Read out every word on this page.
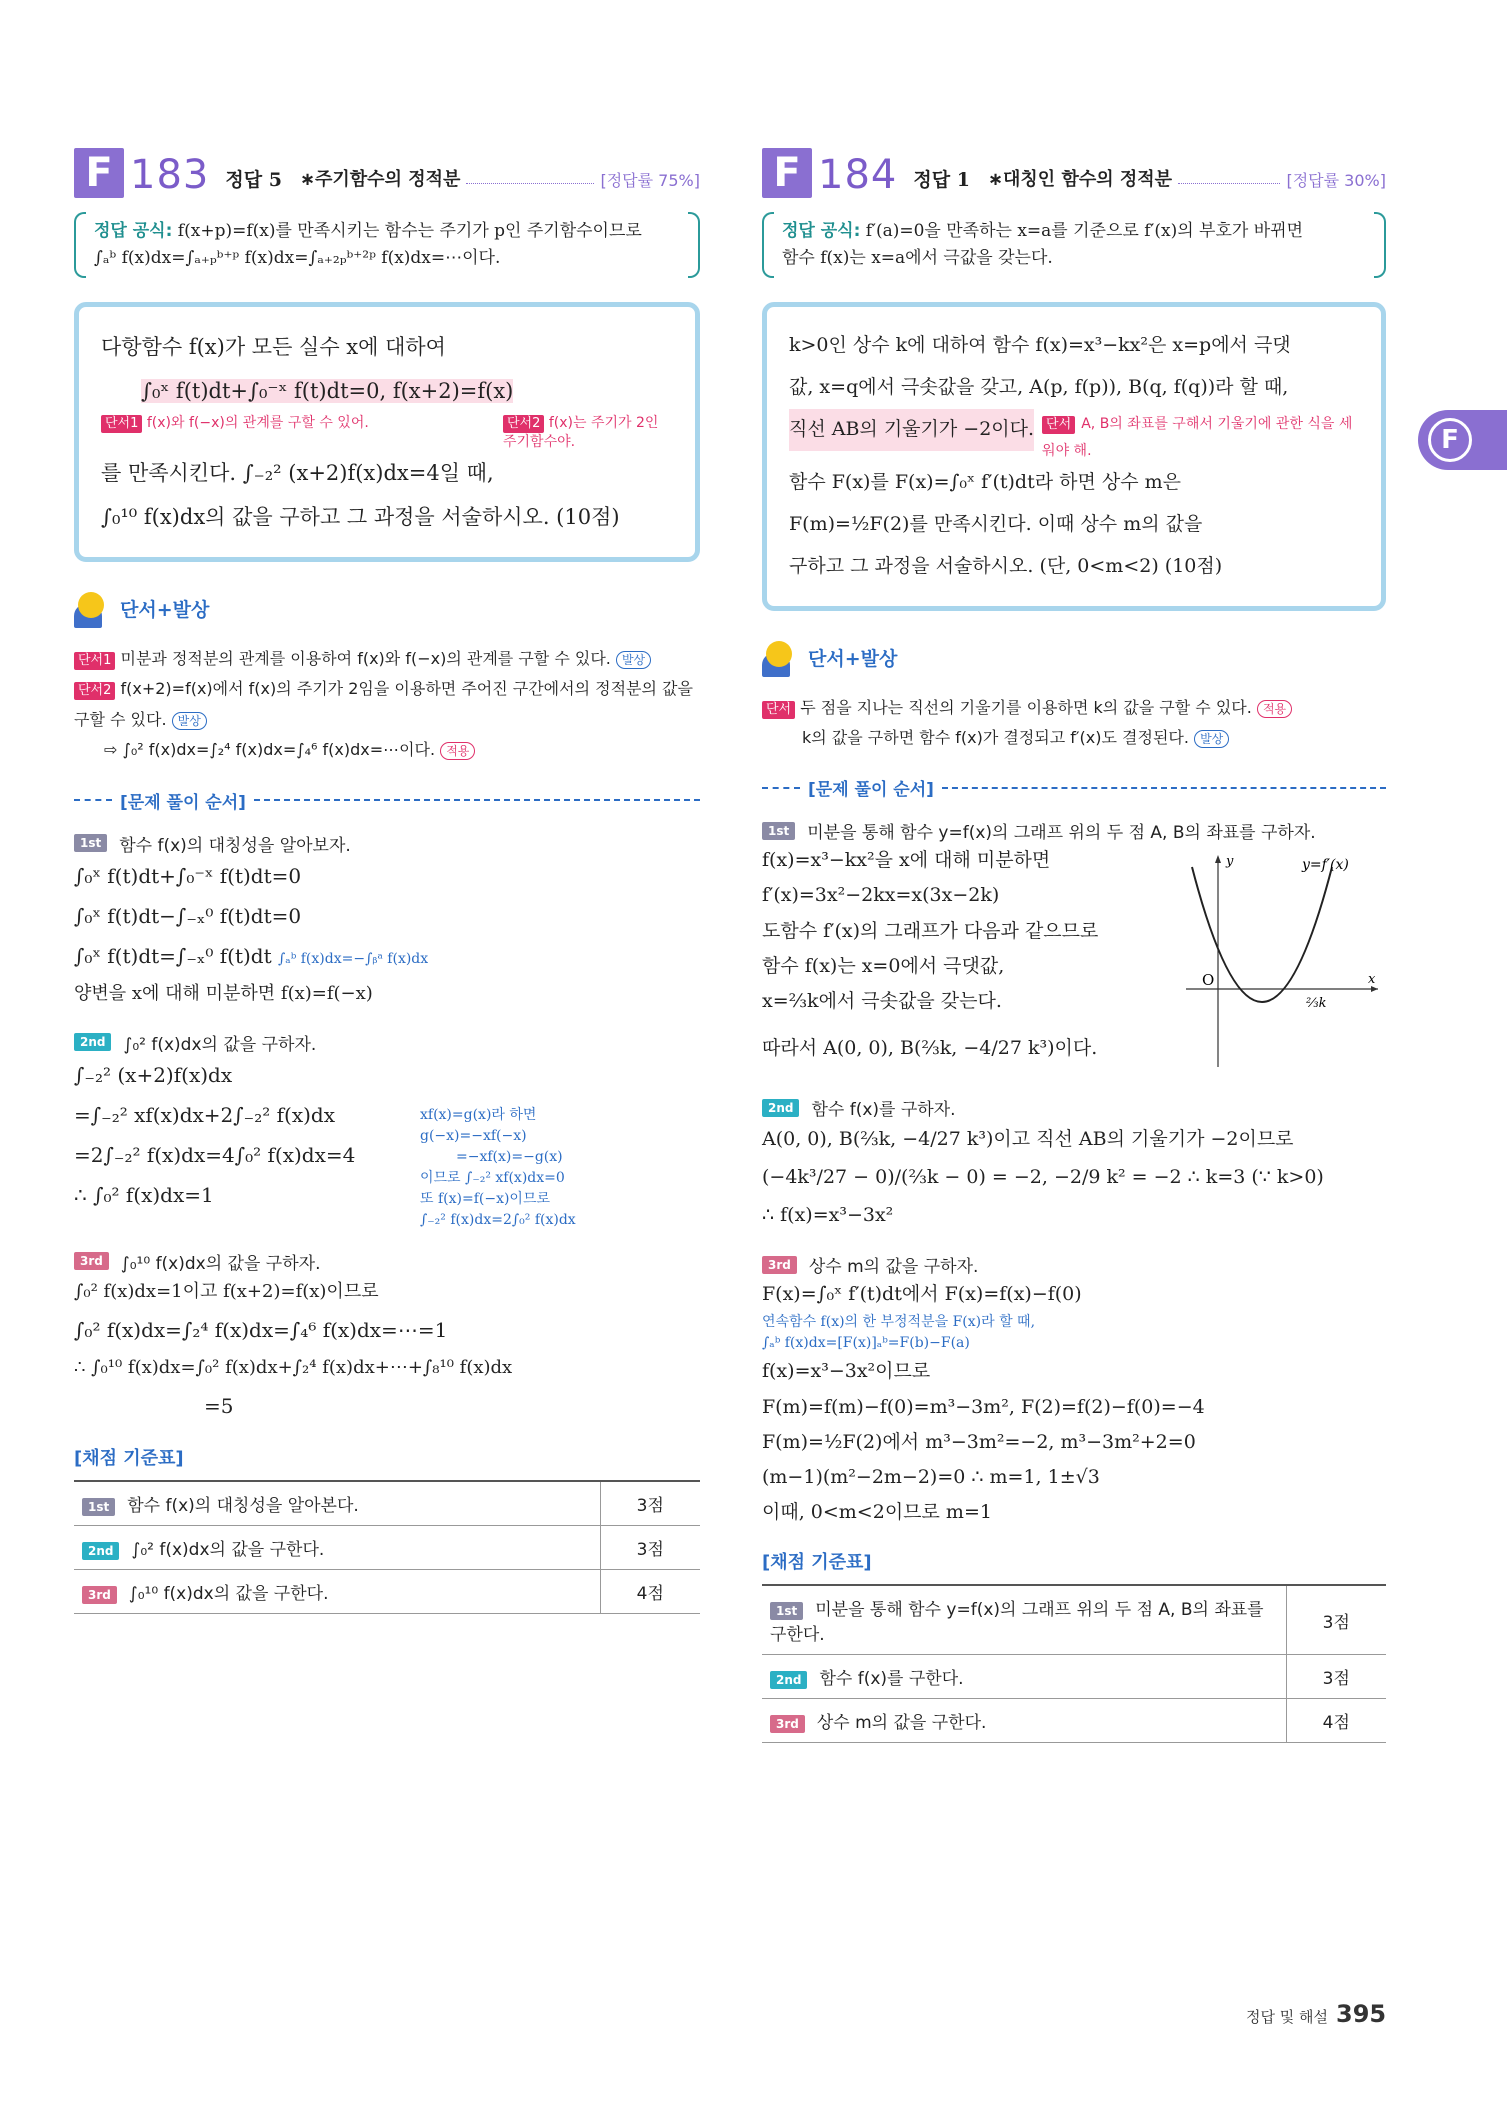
F 183 정답 5 ∗주기함수의 정적분	[정답률 75%]
정답 공식: f(x+p)=f(x)를 만족시키는 함수는 주기가 p인 주기함수이므로
∫ₐᵇ f(x)dx=∫ₐ₊ₚᵇ⁺ᵖ f(x)dx=∫ₐ₊₂ₚᵇ⁺²ᵖ f(x)dx=⋯이다.
다항함수 f(x)가 모든 실수 x에 대하여
∫₀ˣ f(t)dt+∫₀⁻ˣ f(t)dt=0, f(x+2)=f(x)
단서1 f(x)와 f(−x)의 관계를 구할 수 있어.	단서2 f(x)는 주기가 2인 주기함수야.
를 만족시킨다. ∫₋₂² (x+2)f(x)dx=4일 때,
∫₀¹⁰ f(x)dx의 값을 구하고 그 과정을 서술하시오. (10점)
단서+발상
단서1 미분과 정적분의 관계를 이용하여 f(x)와 f(−x)의 관계를 구할 수 있다. 발상
단서2 f(x+2)=f(x)에서 f(x)의 주기가 2임을 이용하면 주어진 구간에서의 정적분의 값을 구할 수 있다. 발상
⇨ ∫₀² f(x)dx=∫₂⁴ f(x)dx=∫₄⁶ f(x)dx=⋯이다. 적용
[문제 풀이 순서]
1st	함수 f(x)의 대칭성을 알아보자.
∫₀ˣ f(t)dt+∫₀⁻ˣ f(t)dt=0
∫₀ˣ f(t)dt−∫₋ₓ⁰ f(t)dt=0
∫₀ˣ f(t)dt=∫₋ₓ⁰ f(t)dt ∫ₐᵇ f(x)dx=−∫ᵦᵃ f(x)dx
양변을 x에 대해 미분하면 f(x)=f(−x)
2nd	∫₀² f(x)dx의 값을 구하자.
∫₋₂² (x+2)f(x)dx
=∫₋₂² xf(x)dx+2∫₋₂² f(x)dx
=2∫₋₂² f(x)dx=4∫₀² f(x)dx=4
∴ ∫₀² f(x)dx=1
xf(x)=g(x)라 하면
g(−x)=−xf(−x)
=−xf(x)=−g(x)
이므로 ∫₋₂² xf(x)dx=0
또 f(x)=f(−x)이므로
∫₋₂² f(x)dx=2∫₀² f(x)dx
3rd	∫₀¹⁰ f(x)dx의 값을 구하자.
∫₀² f(x)dx=1이고 f(x+2)=f(x)이므로
∫₀² f(x)dx=∫₂⁴ f(x)dx=∫₄⁶ f(x)dx=⋯=1
∴ ∫₀¹⁰ f(x)dx=∫₀² f(x)dx+∫₂⁴ f(x)dx+⋯+∫₈¹⁰ f(x)dx
=5
[채점 기준표]
1st 함수 f(x)의 대칭성을 알아본다.	3점
2nd ∫₀² f(x)dx의 값을 구한다.	3점
3rd ∫₀¹⁰ f(x)dx의 값을 구한다.	4점
F 184 정답 1 ∗대칭인 함수의 정적분	[정답률 30%]
정답 공식: f′(a)=0을 만족하는 x=a를 기준으로 f′(x)의 부호가 바뀌면
함수 f(x)는 x=a에서 극값을 갖는다.
k>0인 상수 k에 대하여 함수 f(x)=x³−kx²은 x=p에서 극댓
값, x=q에서 극솟값을 갖고, A(p, f(p)), B(q, f(q))라 할 때,
직선 AB의 기울기가 −2이다. 단서 A, B의 좌표를 구해서 기울기에 관한 식을 세워야 해.
함수 F(x)를 F(x)=∫₀ˣ f′(t)dt라 하면 상수 m은
F(m)=½F(2)를 만족시킨다. 이때 상수 m의 값을
구하고 그 과정을 서술하시오. (단, 0<m<2) (10점)
단서+발상
단서 두 점을 지나는 직선의 기울기를 이용하면 k의 값을 구할 수 있다. 적용
k의 값을 구하면 함수 f(x)가 결정되고 f′(x)도 결정된다. 발상
[문제 풀이 순서]
1st	미분을 통해 함수 y=f(x)의 그래프 위의 두 점 A, B의 좌표를 구하자.
f(x)=x³−kx²을 x에 대해 미분하면
f′(x)=3x²−2kx=x(3x−2k)
도함수 f′(x)의 그래프가 다음과 같으므로
함수 f(x)는 x=0에서 극댓값,
x=⅔k에서 극솟값을 갖는다.
따라서 A(0, 0), B(⅔k, −4/27 k³)이다.
y	y=f′(x)
x
O
⅔k
2nd	함수 f(x)를 구하자.
A(0, 0), B(⅔k, −4/27 k³)이고 직선 AB의 기울기가 −2이므로
(−4k³/27 − 0)/(⅔k − 0) = −2, −2/9 k² = −2 ∴ k=3 (∵ k>0)
∴ f(x)=x³−3x²
3rd	상수 m의 값을 구하자.
F(x)=∫₀ˣ f′(t)dt에서 F(x)=f(x)−f(0)
연속함수 f(x)의 한 부정적분을 F(x)라 할 때,
∫ₐᵇ f(x)dx=[F(x)]ₐᵇ=F(b)−F(a)
f(x)=x³−3x²이므로
F(m)=f(m)−f(0)=m³−3m², F(2)=f(2)−f(0)=−4
F(m)=½F(2)에서 m³−3m²=−2, m³−3m²+2=0
(m−1)(m²−2m−2)=0 ∴ m=1, 1±√3
이때, 0<m<2이므로 m=1
[채점 기준표]
1st 미분을 통해 함수 y=f(x)의 그래프 위의 두 점 A, B의 좌표를 구한다.	3점
2nd 함수 f(x)를 구한다.	3점
3rd 상수 m의 값을 구한다.	4점
F
정답 및 해설 395
